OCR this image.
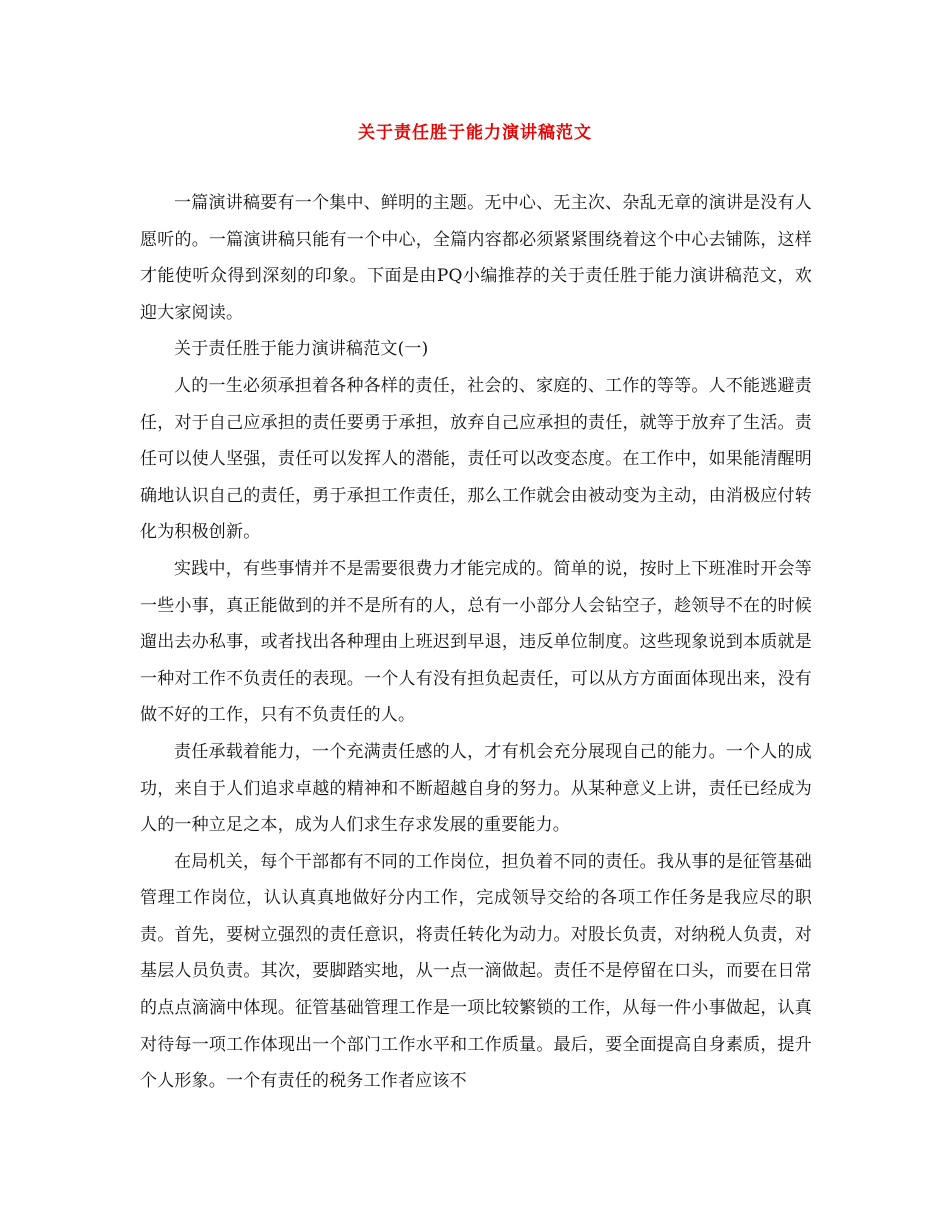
关于责任胜于能力演讲稿范文

一篇演讲稿要有一个集中、鲜明的主题。无中心、无主次、杂乱无章的演讲是没有人愿听的。一篇演讲稿只能有一个中心，全篇内容都必须紧紧围绕着这个中心去铺陈，这样才能使听众得到深刻的印象。下面是由PQ小编推荐的关于责任胜于能力演讲稿范文，欢迎大家阅读。

关于责任胜于能力演讲稿范文(一)

人的一生必须承担着各种各样的责任，社会的、家庭的、工作的等等。人不能逃避责任，对于自己应承担的责任要勇于承担，放弃自己应承担的责任，就等于放弃了生活。责任可以使人坚强，责任可以发挥人的潜能，责任可以改变态度。在工作中，如果能清醒明确地认识自己的责任，勇于承担工作责任，那么工作就会由被动变为主动，由消极应付转化为积极创新。

实践中，有些事情并不是需要很费力才能完成的。简单的说，按时上下班准时开会等一些小事，真正能做到的并不是所有的人，总有一小部分人会钻空子，趁领导不在的时候遛出去办私事，或者找出各种理由上班迟到早退，违反单位制度。这些现象说到本质就是一种对工作不负责任的表现。一个人有没有担负起责任，可以从方方面面体现出来，没有做不好的工作，只有不负责任的人。

责任承载着能力，一个充满责任感的人，才有机会充分展现自己的能力。一个人的成功，来自于人们追求卓越的精神和不断超越自身的努力。从某种意义上讲，责任已经成为人的一种立足之本，成为人们求生存求发展的重要能力。

在局机关，每个干部都有不同的工作岗位，担负着不同的责任。我从事的是征管基础管理工作岗位，认认真真地做好分内工作，完成领导交给的各项工作任务是我应尽的职责。首先，要树立强烈的责任意识，将责任转化为动力。对股长负责，对纳税人负责，对基层人员负责。其次，要脚踏实地，从一点一滴做起。责任不是停留在口头，而要在日常的点点滴滴中体现。征管基础管理工作是一项比较繁锁的工作，从每一件小事做起，认真对待每一项工作体现出一个部门工作水平和工作质量。最后，要全面提高自身素质，提升个人形象。一个有责任的税务工作者应该不
